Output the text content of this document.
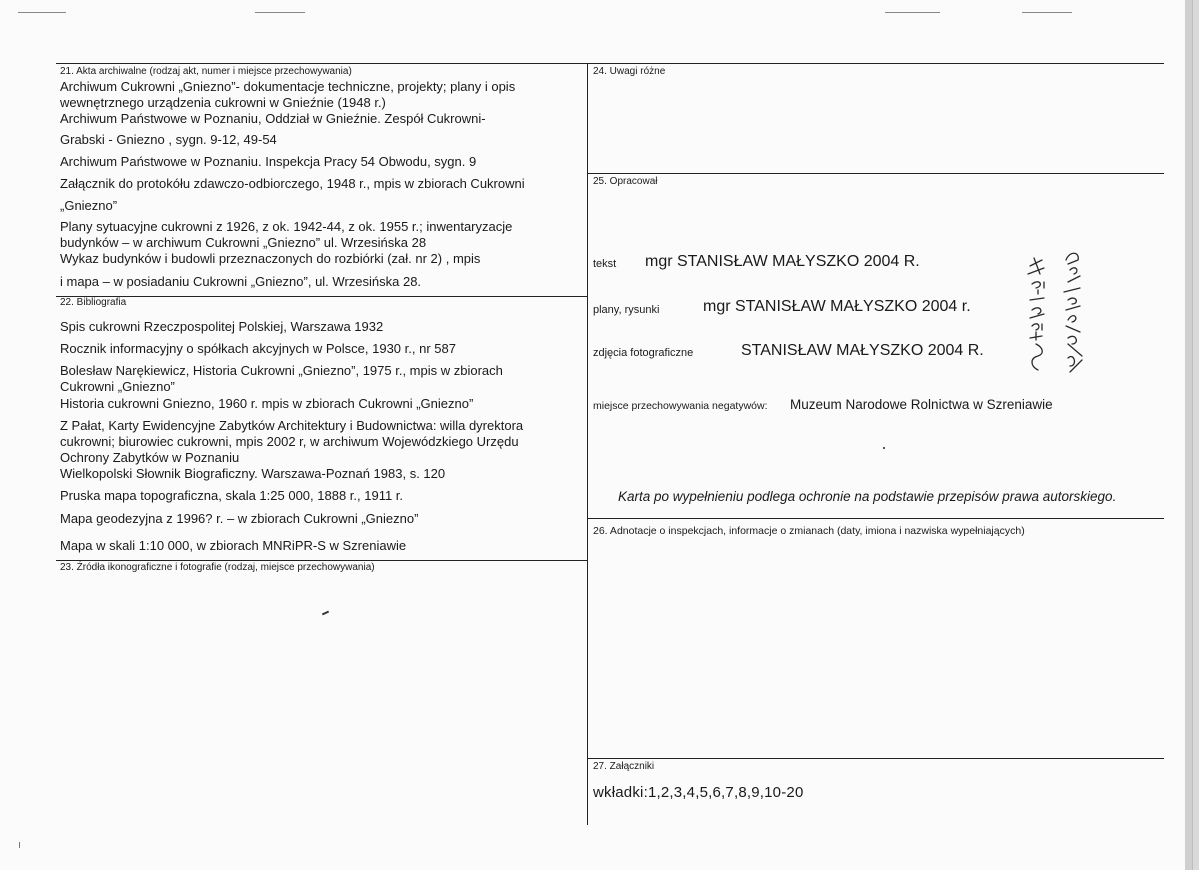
21. Akta archiwalne (rodzaj akt, numer i miejsce przechowywania)
Archiwum Cukrowni „Gniezno”- dokumentacje techniczne, projekty; plany i opis
wewnętrznego urządzenia cukrowni w Gnieźnie (1948 r.)
Archiwum Państwowe w Poznaniu, Oddział w Gnieźnie. Zespół Cukrowni-
Grabski - Gniezno , sygn. 9-12, 49-54
Archiwum Państwowe w Poznaniu. Inspekcja Pracy 54 Obwodu, sygn. 9
Załącznik do protokółu zdawczo-odbiorczego, 1948 r., mpis w zbiorach Cukrowni
„Gniezno”
Plany sytuacyjne cukrowni z 1926, z ok. 1942-44, z ok. 1955 r.; inwentaryzacje
budynków – w archiwum Cukrowni „Gniezno” ul. Wrzesińska 28
Wykaz budynków i budowli przeznaczonych do rozbiórki (zał. nr 2) , mpis
i mapa – w posiadaniu Cukrowni „Gniezno”, ul. Wrzesińska 28.
22. Bibliografia
Spis cukrowni Rzeczpospolitej Polskiej, Warszawa 1932
Rocznik informacyjny o spółkach akcyjnych w Polsce, 1930 r., nr 587
Bolesław Narękiewicz, Historia Cukrowni „Gniezno”, 1975 r., mpis w zbiorach
Cukrowni „Gniezno”
Historia cukrowni Gniezno, 1960 r. mpis w zbiorach Cukrowni „Gniezno”
Z Pałat, Karty Ewidencyjne Zabytków Architektury i Budownictwa: willa dyrektora
cukrowni; biurowiec cukrowni, mpis 2002 r, w archiwum Wojewódzkiego Urzędu
Ochrony Zabytków w Poznaniu
Wielkopolski Słownik Biograficzny. Warszawa-Poznań 1983, s. 120
Pruska mapa topograficzna, skala 1:25 000, 1888 r., 1911 r.
Mapa geodezyjna z 1996? r. – w zbiorach Cukrowni „Gniezno”
Mapa w skali 1:10 000, w zbiorach MNRiPR-S w Szreniawie
23. Źródła ikonograficzne i fotografie (rodzaj, miejsce przechowywania)
24. Uwagi różne
25. Opracował
tekst mgr STANISŁAW MAŁYSZKO 2004 R.
plany, rysunki	mgr STANISŁAW MAŁYSZKO 2004 r.
zdjęcia fotograficzne	STANISŁAW MAŁYSZKO 2004 R.
miejsce przechowywania negatywów: Muzeum Narodowe Rolnictwa w Szreniawie
Karta po wypełnieniu podlega ochronie na podstawie przepisów prawa autorskiego.
26. Adnotacje o inspekcjach, informacje o zmianach (daty, imiona i nazwiska wypełniających)
27. Załączniki
wkładki:1,2,3,4,5,6,7,8,9,10-20
